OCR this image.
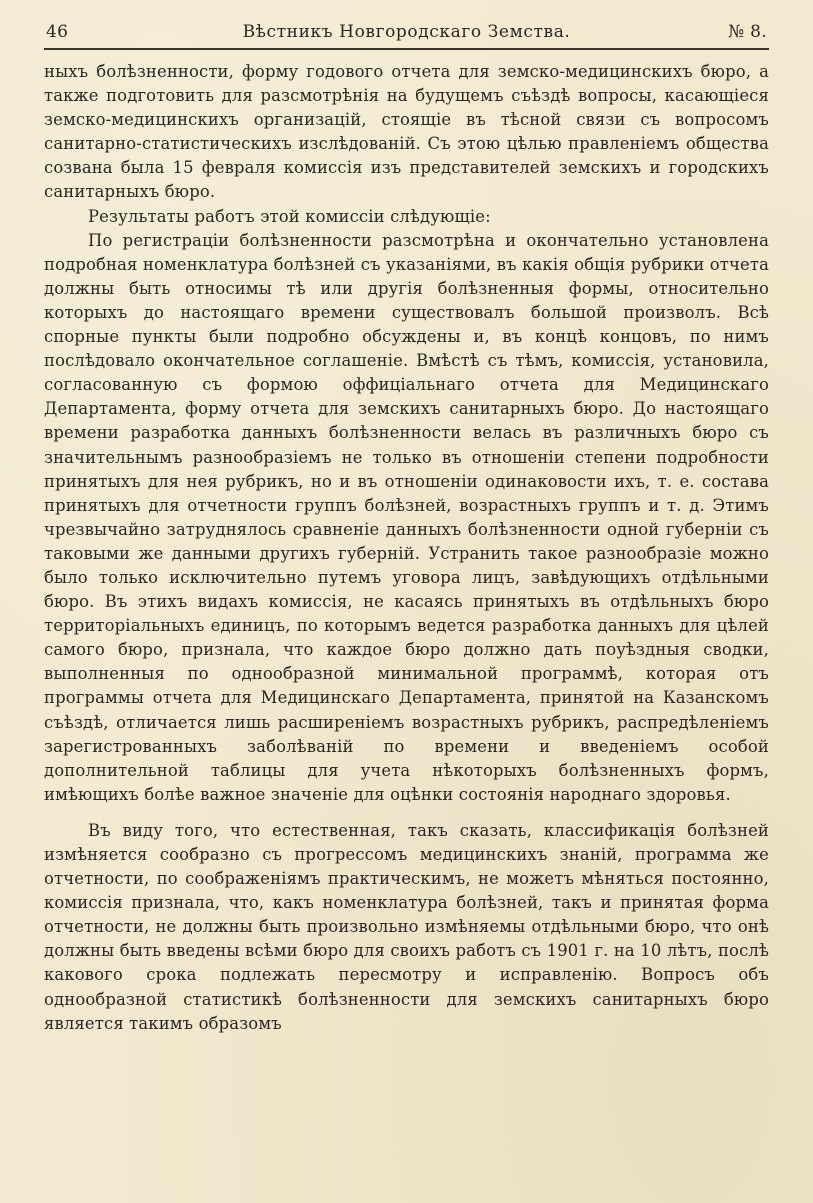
46	Вѣстникъ Новгородскаго Земства.	№ 8.

ныхъ болѣзненности, форму годового отчета для земско-медицинскихъ бюро, а также подготовить для разсмотрѣнія на будущемъ съѣздѣ вопросы, касающіеся земско-медицинскихъ организацій, стоящіе въ тѣсной связи съ вопросомъ санитарно-статистическихъ изслѣдованій. Съ этою цѣлью правленіемъ общества созвана была 15 февраля комиссія изъ представителей земскихъ и городскихъ санитарныхъ бюро.

Результаты работъ этой комиссіи слѣдующіе:

По регистраціи болѣзненности разсмотрѣна и окончательно установлена подробная номенклатура болѣзней съ указаніями, въ какія общія рубрики отчета должны быть относимы тѣ или другія болѣзненныя формы, относительно которыхъ до настоящаго времени существовалъ большой произволъ. Всѣ спорные пункты были подробно обсуждены и, въ концѣ концовъ, по нимъ послѣдовало окончательное соглашеніе. Вмѣстѣ съ тѣмъ, комиссія, установила, согласованную съ формою оффиціальнаго отчета для Медицинскаго Департамента, форму отчета для земскихъ санитарныхъ бюро. До настоящаго времени разработка данныхъ болѣзненности велась въ различныхъ бюро съ значительнымъ разнообразіемъ не только въ отношеніи степени подробности принятыхъ для нея рубрикъ, но и въ отношеніи одинаковости ихъ, т. е. состава принятыхъ для отчетности группъ болѣзней, возрастныхъ группъ и т. д. Этимъ чрезвычайно затруднялось сравненіе данныхъ болѣзненности одной губерніи съ таковыми же данными другихъ губерній. Устранить такое разнообразіе можно было только исключительно путемъ уговора лицъ, завѣдующихъ отдѣльными бюро. Въ этихъ видахъ комиссія, не касаясь принятыхъ въ отдѣльныхъ бюро территоріальныхъ единицъ, по которымъ ведется разработка данныхъ для цѣлей самого бюро, признала, что каждое бюро должно дать поуѣздныя сводки, выполненныя по однообразной минимальной программѣ, которая отъ программы отчета для Медицинскаго Департамента, принятой на Казанскомъ съѣздѣ, отличается лишь расширеніемъ возрастныхъ рубрикъ, распредѣленіемъ зарегистрованныхъ заболѣваній по времени и введеніемъ особой дополнительной таблицы для учета нѣкоторыхъ болѣзненныхъ формъ, имѣющихъ болѣе важное значеніе для оцѣнки состоянія народнаго здоровья.

Въ виду того, что естественная, такъ сказать, классификація болѣзней измѣняется сообразно съ прогрессомъ медицинскихъ знаній, программа же отчетности, по соображеніямъ практическимъ, не можетъ мѣняться постоянно, комиссія признала, что, какъ номенклатура болѣзней, такъ и принятая форма отчетности, не должны быть произвольно измѣняемы отдѣльными бюро, что онѣ должны быть введены всѣми бюро для своихъ работъ съ 1901 г. на 10 лѣтъ, послѣ какового срока подлежать пересмотру и исправленію. Вопросъ объ однообразной статистикѣ болѣзненности для земскихъ санитарныхъ бюро является такимъ образомъ
